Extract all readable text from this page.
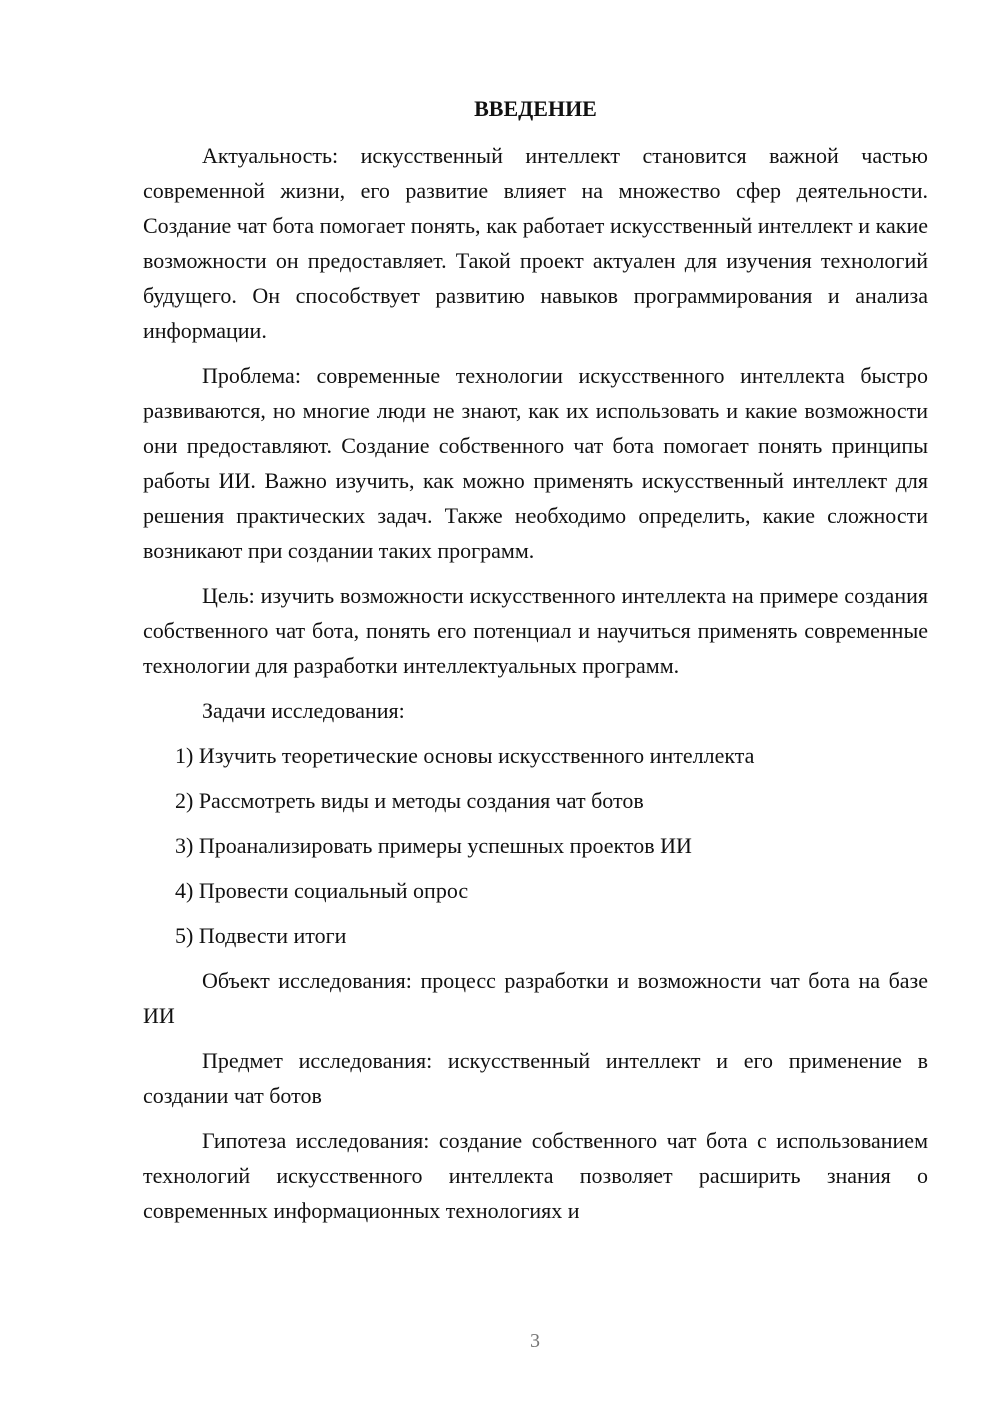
ВВЕДЕНИЕ

Актуальность: искусственный интеллект становится важной частью современной жизни, его развитие влияет на множество сфер деятельности. Создание чат бота помогает понять, как работает искусственный интеллект и какие возможности он предоставляет. Такой проект актуален для изучения технологий будущего. Он способствует развитию навыков программирования и анализа информации.

Проблема: современные технологии искусственного интеллекта быстро развиваются, но многие люди не знают, как их использовать и какие возможности они предоставляют. Создание собственного чат бота помогает понять принципы работы ИИ. Важно изучить, как можно применять искусственный интеллект для решения практических задач. Также необходимо определить, какие сложности возникают при создании таких программ.

Цель: изучить возможности искусственного интеллекта на примере создания собственного чат бота, понять его потенциал и научиться применять современные технологии для разработки интеллектуальных программ.

Задачи исследования:

1) Изучить теоретические основы искусственного интеллекта
2) Рассмотреть виды и методы создания чат ботов
3) Проанализировать примеры успешных проектов ИИ
4) Провести социальный опрос
5) Подвести итоги

Объект исследования: процесс разработки и возможности чат бота на базе ИИ

Предмет исследования: искусственный интеллект и его применение в создании чат ботов

Гипотеза исследования: создание собственного чат бота с использованием технологий искусственного интеллекта позволяет расширить знания о современных информационных технологиях и

3
